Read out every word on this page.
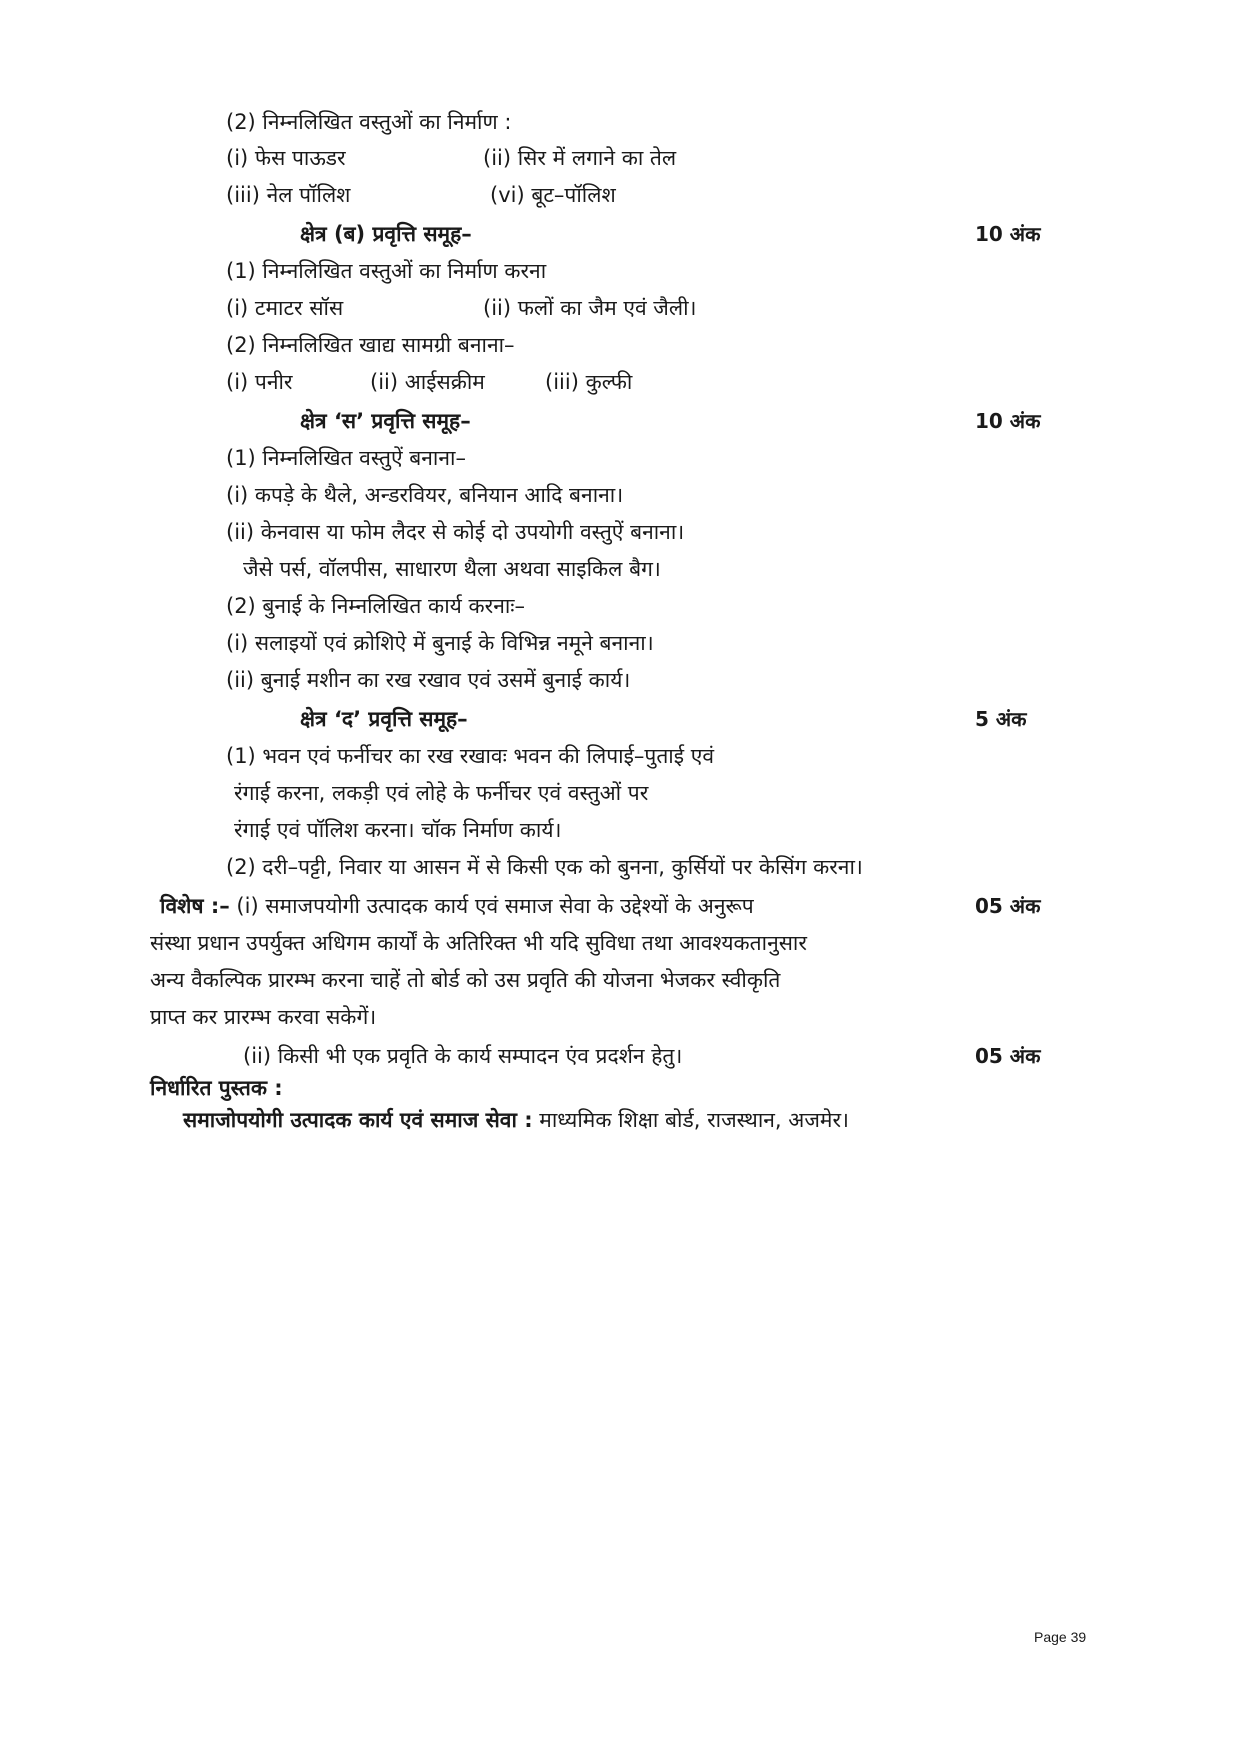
(2) निम्नलिखित वस्तुओं का निर्माण :
(i) फेस पाऊडर	(ii) सिर में लगाने का तेल
(iii) नेल पॉलिश	(vi) बूट–पॉलिश
क्षेत्र (ब) प्रवृत्ति समूह–	10 अंक
(1) निम्नलिखित वस्तुओं का निर्माण करना
(i) टमाटर सॉस	(ii) फलों का जैम एवं जैली।
(2) निम्नलिखित खाद्य सामग्री बनाना–
(i) पनीर	(ii) आईसक्रीम	(iii) कुल्फी
क्षेत्र ‘स’ प्रवृत्ति समूह–	10 अंक
(1) निम्नलिखित वस्तुऐं बनाना–
(i) कपड़े के थैले, अन्डरवियर, बनियान आदि बनाना।
(ii) केनवास या फोम लैदर से कोई दो उपयोगी वस्तुऐं बनाना।
जैसे पर्स, वॉलपीस, साधारण थैला अथवा साइकिल बैग।
(2) बुनाई के निम्नलिखित कार्य करनाः–
(i) सलाइयों एवं क्रोशिऐ में बुनाई के विभिन्न नमूने बनाना।
(ii) बुनाई मशीन का रख रखाव एवं उसमें बुनाई कार्य।
क्षेत्र ‘द’ प्रवृत्ति समूह–	5 अंक
(1) भवन एवं फर्नीचर का रख रखावः भवन की लिपाई–पुताई एवं
रंगाई करना, लकड़ी एवं लोहे के फर्नीचर एवं वस्तुओं पर
रंगाई एवं पॉलिश करना। चॉक निर्माण कार्य।
(2) दरी–पट्टी, निवार या आसन में से किसी एक को बुनना, कुर्सियों पर केसिंग करना।
विशेष :– (i) समाजपयोगी उत्पादक कार्य एवं समाज सेवा के उद्देश्यों के अनुरूप	05 अंक
संस्था प्रधान उपर्युक्त अधिगम कार्यों के अतिरिक्त भी यदि सुविधा तथा आवश्यकतानुसार
अन्य वैकल्पिक प्रारम्भ करना चाहें तो बोर्ड को उस प्रवृति की योजना भेजकर स्वीकृति
प्राप्त कर प्रारम्भ करवा सकेगें।
(ii) किसी भी एक प्रवृति के कार्य सम्पादन एंव प्रदर्शन हेतु।	05 अंक
निर्धारित पुस्तक :
समाजोपयोगी उत्पादक कार्य एवं समाज सेवा : माध्यमिक शिक्षा बोर्ड, राजस्थान, अजमेर।
Page 39
